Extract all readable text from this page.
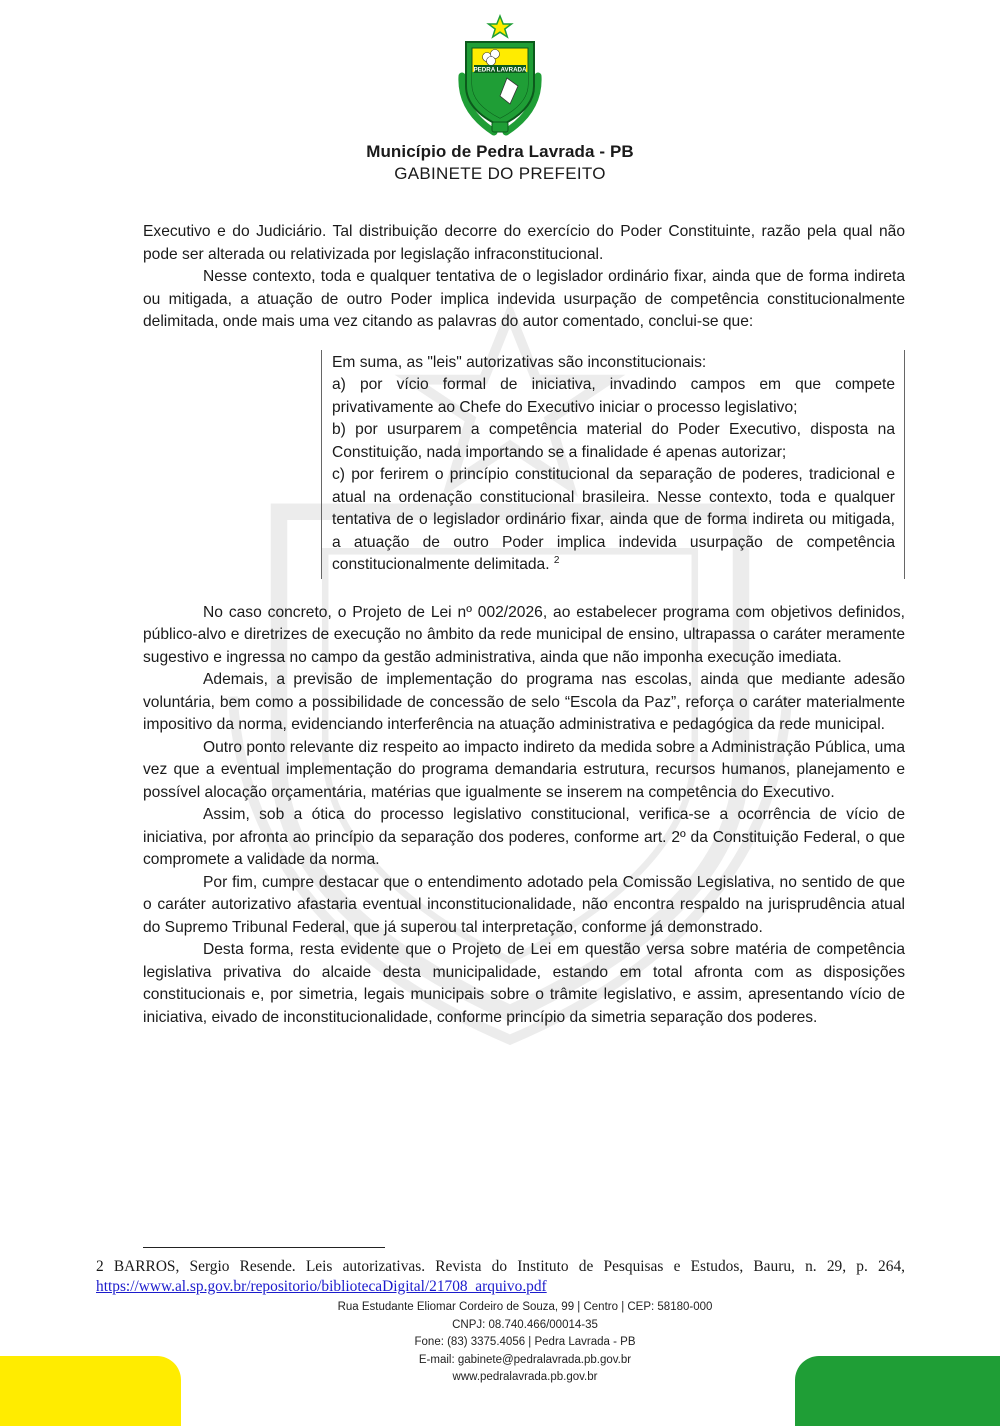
PEDRA LAVRADA
Município de Pedra Lavrada - PB
GABINETE DO PREFEITO

Executivo e do Judiciário. Tal distribuição decorre do exercício do Poder Constituinte, razão pela qual não pode ser alterada ou relativizada por legislação infraconstitucional.

Nesse contexto, toda e qualquer tentativa de o legislador ordinário fixar, ainda que de forma indireta ou mitigada, a atuação de outro Poder implica indevida usurpação de competência constitucionalmente delimitada, onde mais uma vez citando as palavras do autor comentado, conclui-se que:

Em suma, as "leis" autorizativas são inconstitucionais:

a) por vício formal de iniciativa, invadindo campos em que compete privativamente ao Chefe do Executivo iniciar o processo legislativo;

b) por usurparem a competência material do Poder Executivo, disposta na Constituição, nada importando se a finalidade é apenas autorizar;

c) por ferirem o princípio constitucional da separação de poderes, tradicional e atual na ordenação constitucional brasileira. Nesse contexto, toda e qualquer tentativa de o legislador ordinário fixar, ainda que de forma indireta ou mitigada, a atuação de outro Poder implica indevida usurpação de competência constitucionalmente delimitada. $^2$

No caso concreto, o Projeto de Lei nº 002/2026, ao estabelecer programa com objetivos definidos, público-alvo e diretrizes de execução no âmbito da rede municipal de ensino, ultrapassa o caráter meramente sugestivo e ingressa no campo da gestão administrativa, ainda que não imponha execução imediata.

Ademais, a previsão de implementação do programa nas escolas, ainda que mediante adesão voluntária, bem como a possibilidade de concessão de selo “Escola da Paz”, reforça o caráter materialmente impositivo da norma, evidenciando interferência na atuação administrativa e pedagógica da rede municipal.

Outro ponto relevante diz respeito ao impacto indireto da medida sobre a Administração Pública, uma vez que a eventual implementação do programa demandaria estrutura, recursos humanos, planejamento e possível alocação orçamentária, matérias que igualmente se inserem na competência do Executivo.

Assim, sob a ótica do processo legislativo constitucional, verifica-se a ocorrência de vício de iniciativa, por afronta ao princípio da separação dos poderes, conforme art. 2º da Constituição Federal, o que compromete a validade da norma.

Por fim, cumpre destacar que o entendimento adotado pela Comissão Legislativa, no sentido de que o caráter autorizativo afastaria eventual inconstitucionalidade, não encontra respaldo na jurisprudência atual do Supremo Tribunal Federal, que já superou tal interpretação, conforme já demonstrado.

Desta forma, resta evidente que o Projeto de Lei em questão versa sobre matéria de competência legislativa privativa do alcaide desta municipalidade, estando em total afronta com as disposições constitucionais e, por simetria, legais municipais sobre o trâmite legislativo, e assim, apresentando vício de iniciativa, eivado de inconstitucionalidade, conforme princípio da simetria separação dos poderes.

2 BARROS, Sergio Resende. Leis autorizativas. Revista do Instituto de Pesquisas e Estudos, Bauru, n. 29, p. 264, https://www.al.sp.gov.br/repositorio/bibliotecaDigital/21708_arquivo.pdf
Rua Estudante Eliomar Cordeiro de Souza, 99 | Centro | CEP: 58180-000
CNPJ: 08.740.466/00014-35
Fone: (83) 3375.4056 | Pedra Lavrada - PB
E-mail: gabinete@pedralavrada.pb.gov.br
www.pedralavrada.pb.gov.br
